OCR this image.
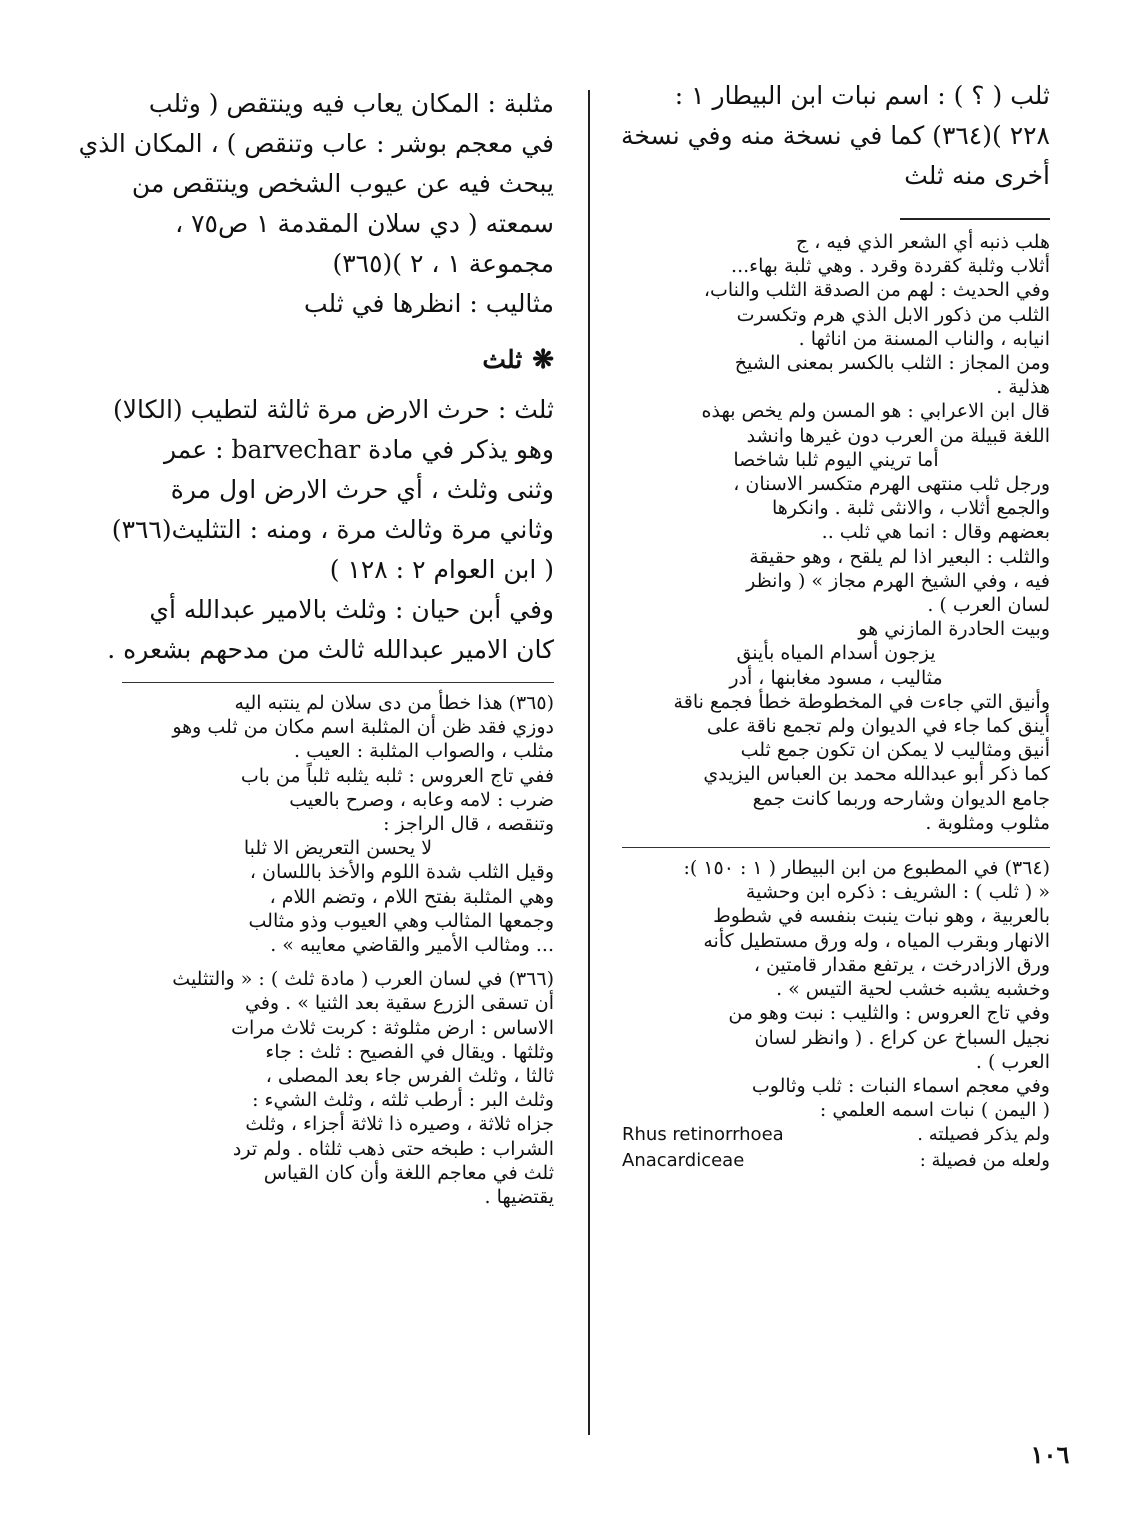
ثلب ( ؟ ) : اسم نبات ابن البيطار ١ :
٢٢٨ )(٣٦٤) كما في نسخة منه وفي نسخة
أخرى منه ثلث
هلب ذنبه أي الشعر الذي فيه ، ج
أثلاب وثلبة كقردة وقرد . وهي ثلبة بهاء...
وفي الحديث : لهم من الصدقة الثلب والناب،
الثلب من ذكور الابل الذي هرم وتكسرت
انيابه ، والناب المسنة من اناثها .
ومن المجاز : الثلب بالكسر بمعنى الشيخ
هذلية .
قال ابن الاعرابي : هو المسن ولم يخص بهذه
اللغة قبيلة من العرب دون غيرها وانشد
أما تريني اليوم ثلبا شاخصا
ورجل ثلب منتهى الهرم متكسر الاسنان ،
والجمع أثلاب ، والانثى ثلبة . وانكرها
بعضهم وقال : انما هي ثلب ..
والثلب : البعير اذا لم يلقح ، وهو حقيقة
فيه ، وفي الشيخ الهرم مجاز » ( وانظر
لسان العرب ) .
وبيت الحادرة المازني هو
يزجون أسدام المياه بأينق
مثاليب ، مسود مغابنها ، أدر
وأنيق التي جاءت في المخطوطة خطأ فجمع ناقة
أينق كما جاء في الديوان ولم تجمع ناقة على
أنيق ومثاليب لا يمكن ان تكون جمع ثلب
كما ذكر أبو عبدالله محمد بن العباس اليزيدي
جامع الديوان وشارحه وربما كانت جمع
مثلوب ومثلوبة .
(٣٦٤) في المطبوع من ابن البيطار ( ١ : ١٥٠ ):
« ( ثلب ) : الشريف : ذكره ابن وحشية
بالعربية ، وهو نبات ينبت بنفسه في شطوط
الانهار وبقرب المياه ، وله ورق مستطيل كأنه
ورق الازادرخت ، يرتفع مقدار قامتين ،
وخشبه يشبه خشب لحية التيس » .
وفي تاج العروس : والثليب : نبت وهو من
نجيل السباخ عن كراع . ( وانظر لسان
العرب ) .
وفي معجم اسماء النبات : ثلب وثالوب
( اليمن ) نبات اسمه العلمي :
Rhus retinorrhoea	ولم يذكر فصيلته .
Anacardiceae	ولعله من فصيلة :
مثلبة : المكان يعاب فيه وينتقص ( وثلب
في معجم بوشر : عاب وتنقص ) ، المكان الذي
يبحث فيه عن عيوب الشخص وينتقص من
سمعته ( دي سلان المقدمة ١ ص٧٥ ،
مجموعة ١ ، ٢ )(٣٦٥)
مثاليب : انظرها في ثلب
❋ثلث
ثلث : حرث الارض مرة ثالثة لتطيب (الكالا)
وهو يذكر في مادة barvechar : عمر
وثنى وثلث ، أي حرث الارض اول مرة
وثاني مرة وثالث مرة ، ومنه : التثليث(٣٦٦)
( ابن العوام ٢ : ١٢٨ )
وفي أبن حيان : وثلث بالامير عبدالله أي
كان الامير عبدالله ثالث من مدحهم بشعره .
(٣٦٥) هذا خطأ من دى سلان لم ينتبه اليه
دوزي فقد ظن أن المثلبة اسم مكان من ثلب وهو
مثلب ، والصواب المثلبة : العيب .
ففي تاج العروس : ثلبه يثلبه ثلباً من باب
ضرب : لامه وعابه ، وصرح بالعيب
وتنقصه ، قال الراجز :
لا يحسن التعريض الا ثلبا
وقيل الثلب شدة اللوم والأخذ باللسان ،
وهي المثلبة بفتح اللام ، وتضم اللام ،
وجمعها المثالب وهي العيوب وذو مثالب
... ومثالب الأمير والقاضي معايبه » .
(٣٦٦) في لسان العرب ( مادة ثلث ) : « والتثليث
أن تسقى الزرع سقية بعد الثنيا » . وفي
الاساس : ارض مثلوثة : كربت ثلاث مرات
وثلثها . ويقال في الفصيح : ثلث : جاء
ثالثا ، وثلث الفرس جاء بعد المصلى ،
وثلث البر : أرطب ثلثه ، وثلث الشيء :
جزاه ثلاثة ، وصيره ذا ثلاثة أجزاء ، وثلث
الشراب : طبخه حتى ذهب ثلثاه . ولم ترد
ثلث في معاجم اللغة وأن كان القياس
يقتضيها .
١٠٦
